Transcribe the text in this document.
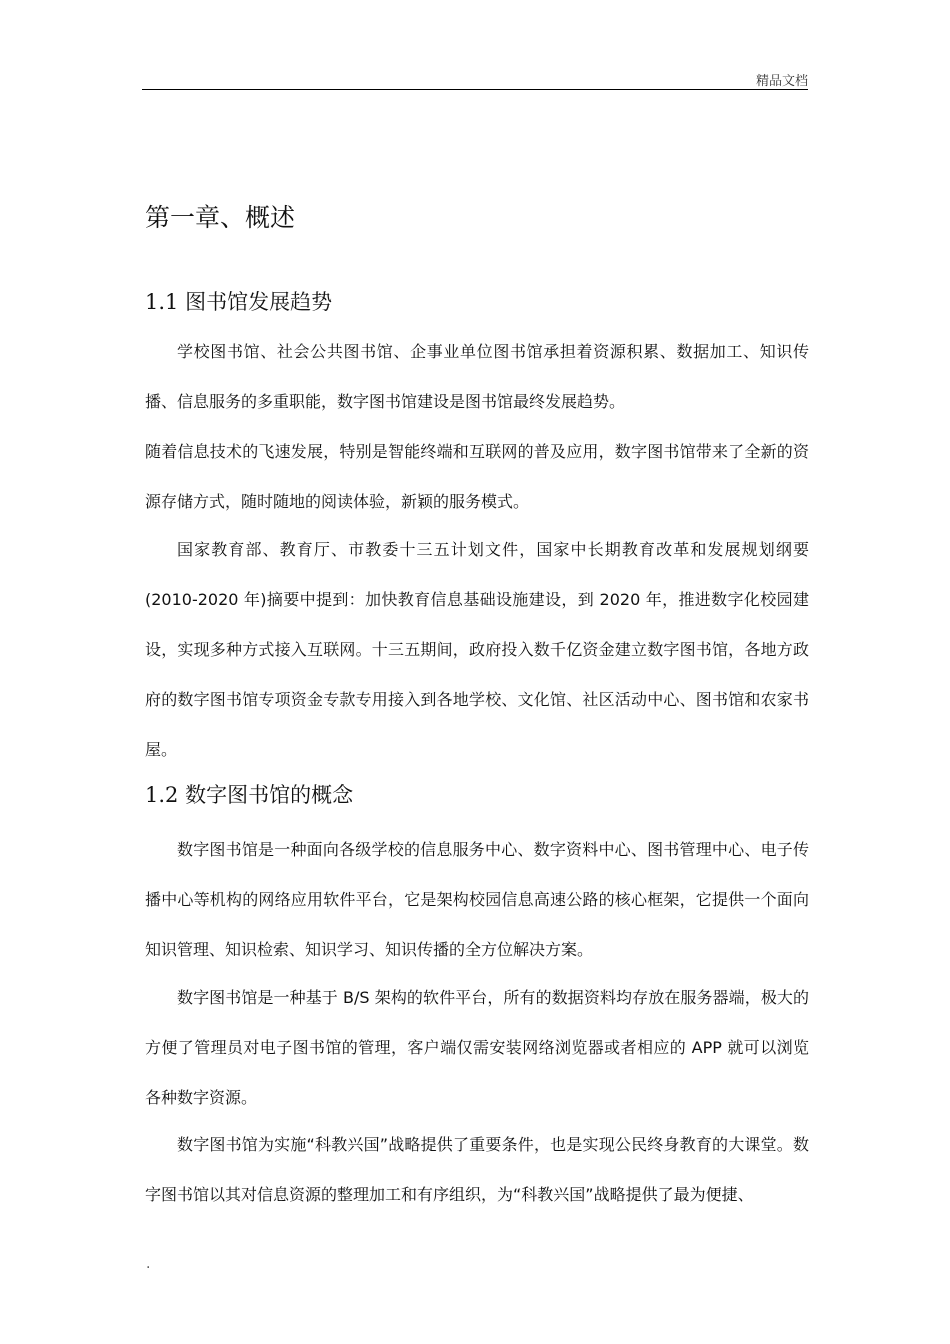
精品文档
第一章、概述
1.1 图书馆发展趋势

学校图书馆、社会公共图书馆、企事业单位图书馆承担着资源积累、数据加工、知识传播、信息服务的多重职能，数字图书馆建设是图书馆最终发展趋势。

随着信息技术的飞速发展，特别是智能终端和互联网的普及应用，数字图书馆带来了全新的资源存储方式，随时随地的阅读体验，新颖的服务模式。

国家教育部、教育厅、市教委十三五计划文件，国家中长期教育改革和发展规划纲要(2010-2020 年)摘要中提到：加快教育信息基础设施建设，到 2020 年，推进数字化校园建设，实现多种方式接入互联网。十三五期间，政府投入数千亿资金建立数字图书馆，各地方政府的数字图书馆专项资金专款专用接入到各地学校、文化馆、社区活动中心、图书馆和农家书屋。

1.2 数字图书馆的概念

数字图书馆是一种面向各级学校的信息服务中心、数字资料中心、图书管理中心、电子传播中心等机构的网络应用软件平台，它是架构校园信息高速公路的核心框架，它提供一个面向知识管理、知识检索、知识学习、知识传播的全方位解决方案。

数字图书馆是一种基于 B/S 架构的软件平台，所有的数据资料均存放在服务器端，极大的方便了管理员对电子图书馆的管理，客户端仅需安装网络浏览器或者相应的 APP 就可以浏览各种数字资源。

数字图书馆为实施“科教兴国”战略提供了重要条件，也是实现公民终身教育的大课堂。数字图书馆以其对信息资源的整理加工和有序组织，为“科教兴国”战略提供了最为便捷、

.
